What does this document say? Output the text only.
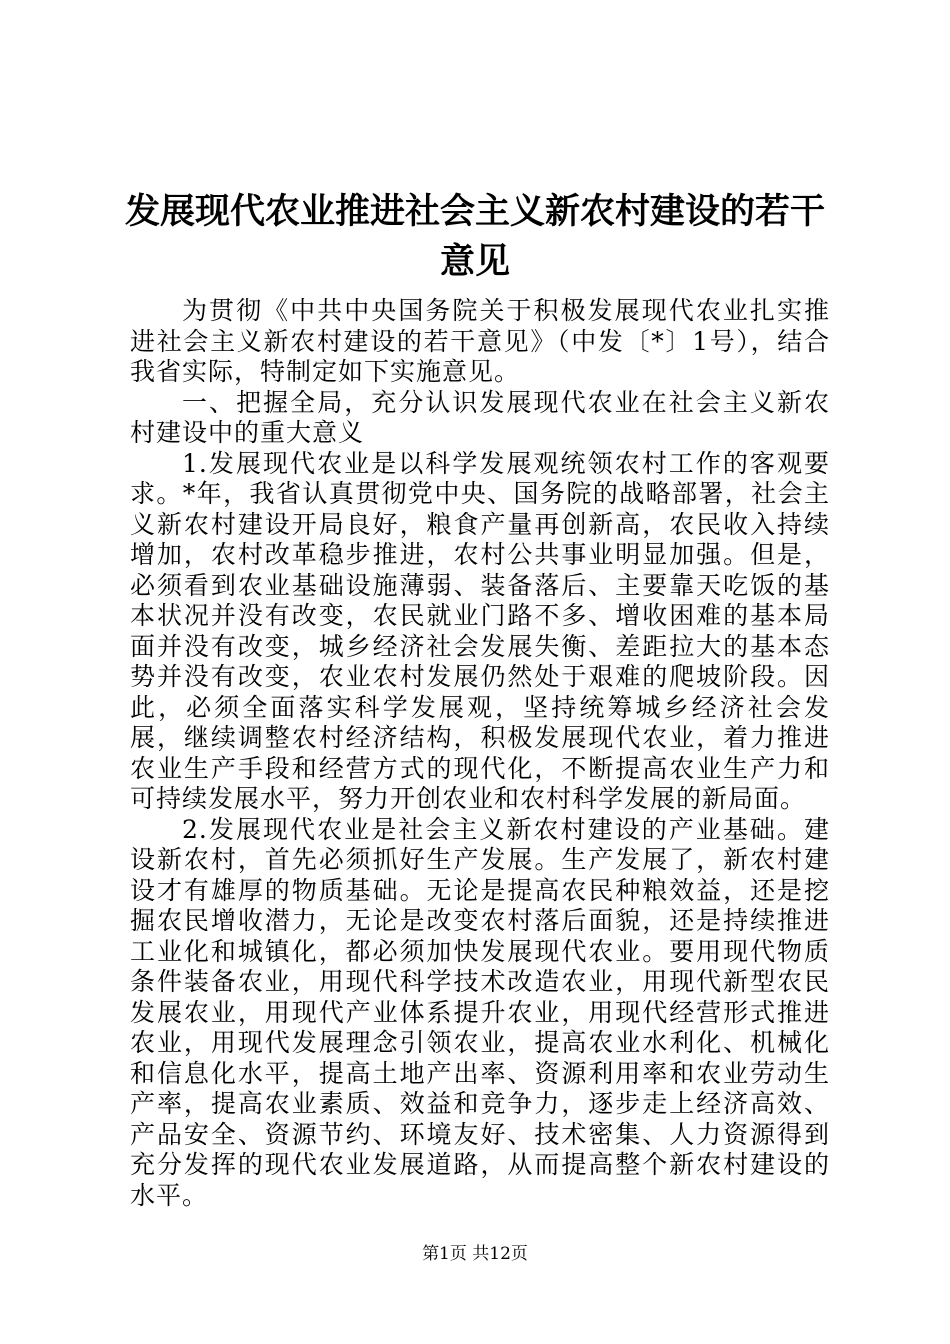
发展现代农业推进社会主义新农村建设的若干
意见

为贯彻《中共中央国务院关于积极发展现代农业扎实推进社会主义新农村建设的若干意见》（中发〔*〕1号），结合我省实际，特制定如下实施意见。

一、把握全局，充分认识发展现代农业在社会主义新农村建设中的重大意义

1.发展现代农业是以科学发展观统领农村工作的客观要求。*年，我省认真贯彻党中央、国务院的战略部署，社会主义新农村建设开局良好，粮食产量再创新高，农民收入持续增加，农村改革稳步推进，农村公共事业明显加强。但是，必须看到农业基础设施薄弱、装备落后、主要靠天吃饭的基本状况并没有改变，农民就业门路不多、增收困难的基本局面并没有改变，城乡经济社会发展失衡、差距拉大的基本态势并没有改变，农业农村发展仍然处于艰难的爬坡阶段。因此，必须全面落实科学发展观，坚持统筹城乡经济社会发展，继续调整农村经济结构，积极发展现代农业，着力推进农业生产手段和经营方式的现代化，不断提高农业生产力和可持续发展水平，努力开创农业和农村科学发展的新局面。

2.发展现代农业是社会主义新农村建设的产业基础。建设新农村，首先必须抓好生产发展。生产发展了，新农村建设才有雄厚的物质基础。无论是提高农民种粮效益，还是挖掘农民增收潜力，无论是改变农村落后面貌，还是持续推进工业化和城镇化，都必须加快发展现代农业。要用现代物质条件装备农业，用现代科学技术改造农业，用现代新型农民发展农业，用现代产业体系提升农业，用现代经营形式推进农业，用现代发展理念引领农业，提高农业水利化、机械化和信息化水平，提高土地产出率、资源利用率和农业劳动生产率，提高农业素质、效益和竞争力，逐步走上经济高效、产品安全、资源节约、环境友好、技术密集、人力资源得到充分发挥的现代农业发展道路，从而提高整个新农村建设的水平。

第1页 共12页
